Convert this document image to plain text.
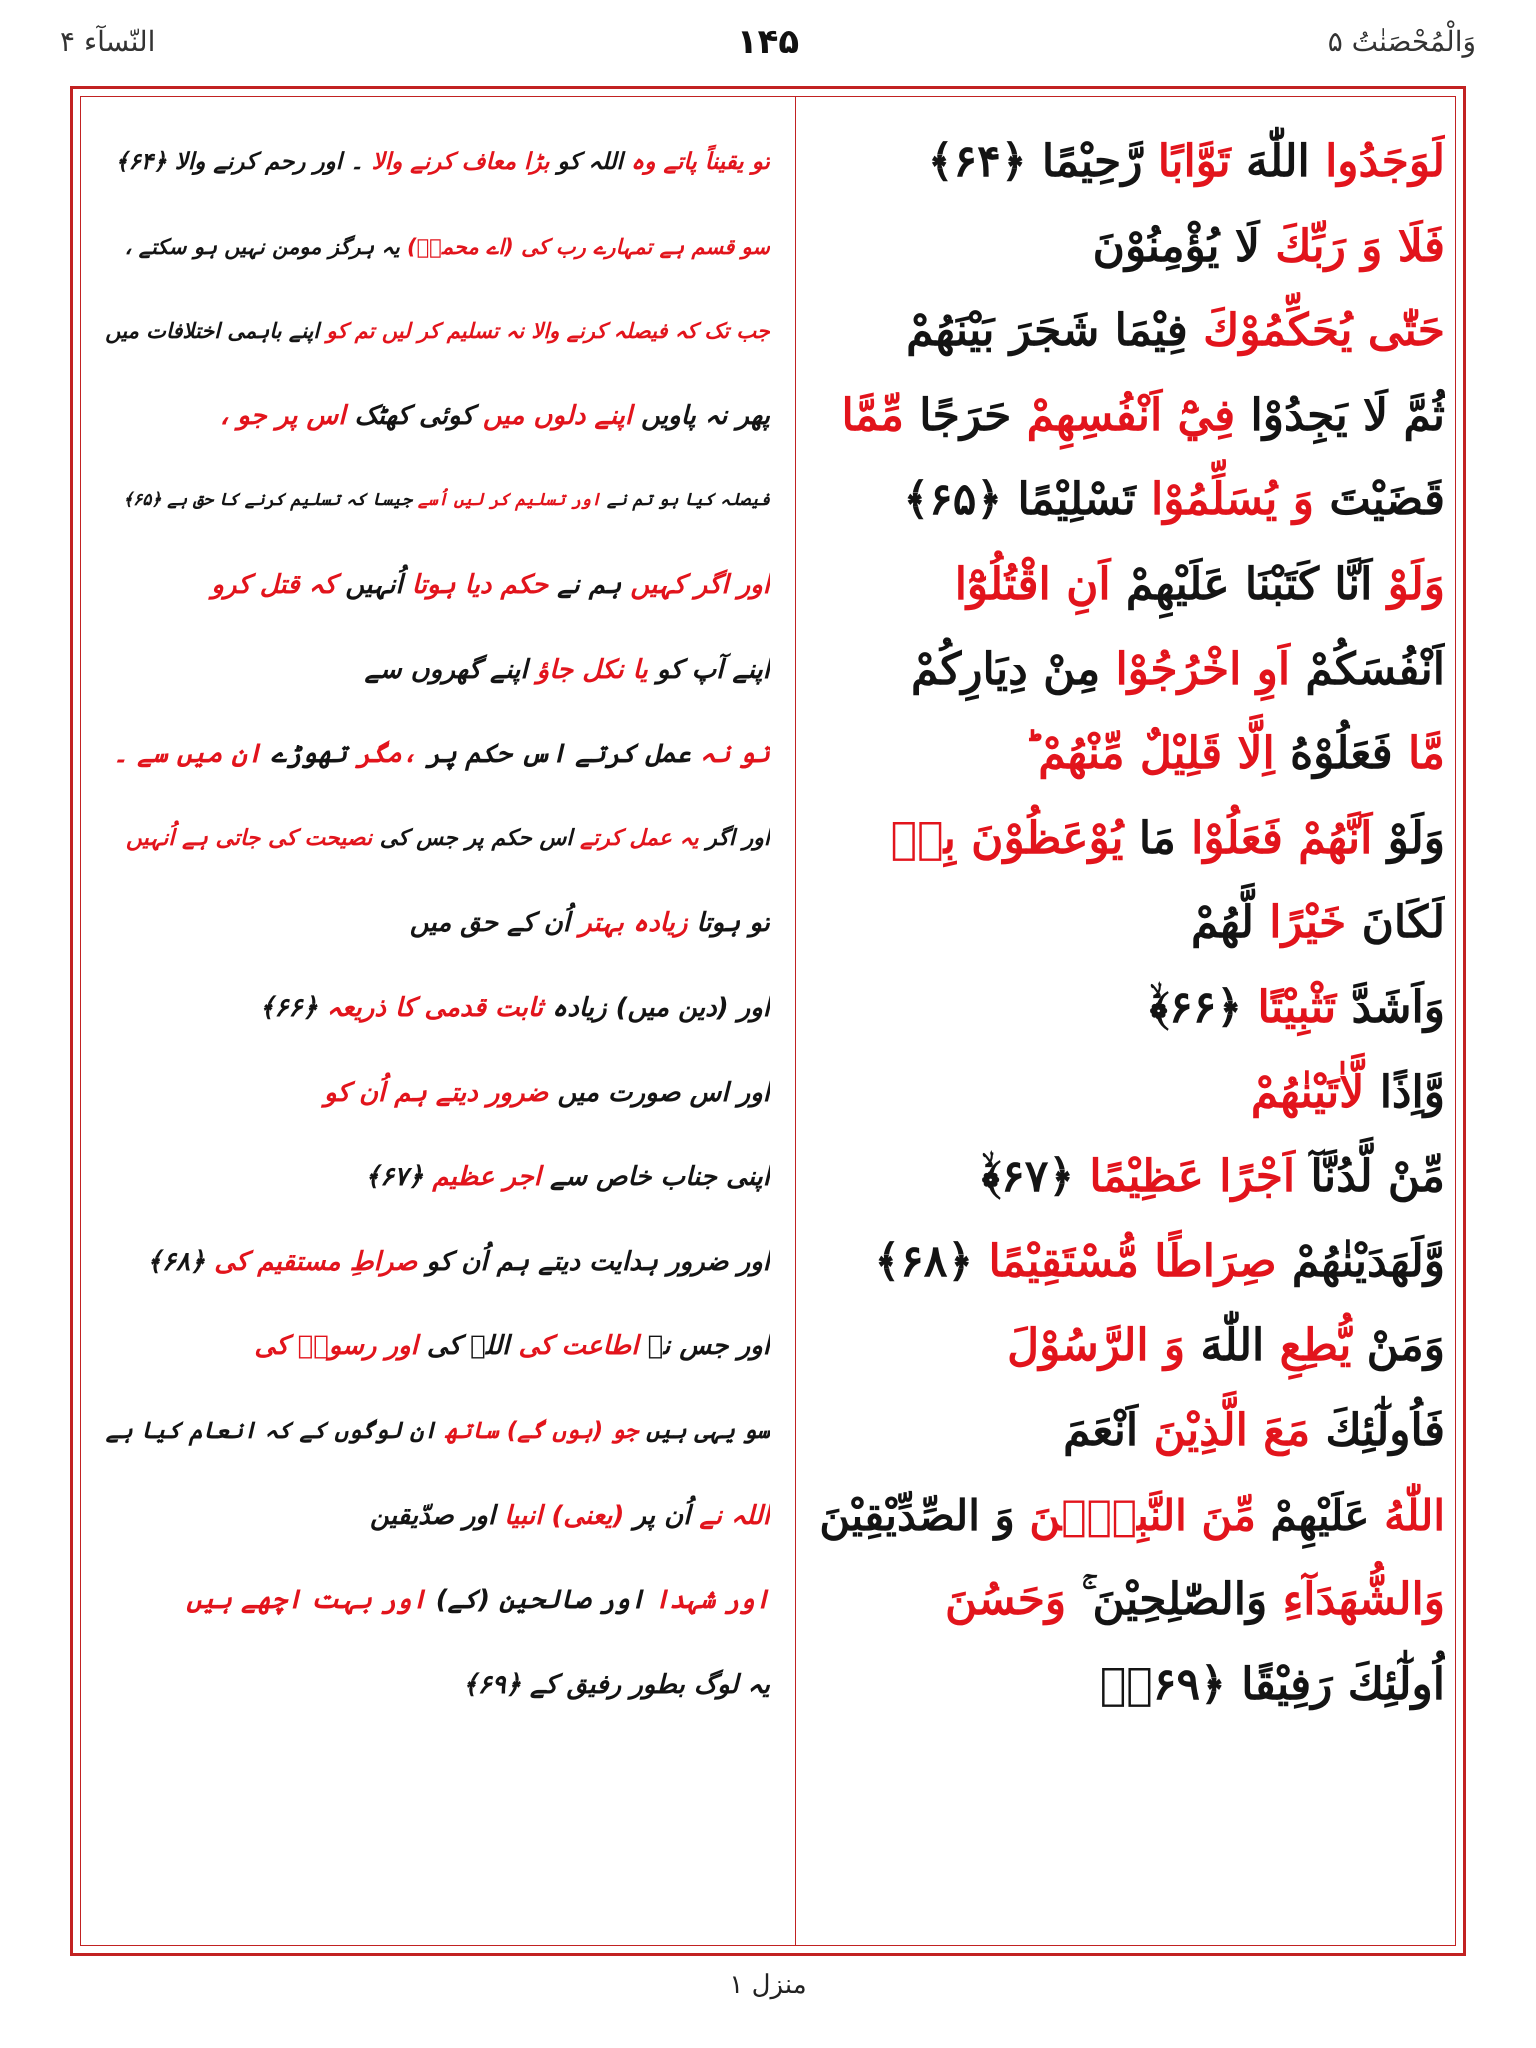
وَالْمُحْصَنٰتُ ۵
۱۴۵
النّسآء ۴
لَوَجَدُوا اللّٰهَ تَوَّابًا رَّحِيْمًا ﴿۶۴﴾
تو یقیناً پاتے وہ اللہ کو بڑا معاف کرنے والا ۔ اور رحم کرنے والا ﴿۶۴﴾
فَلَا وَ رَبِّكَ لَا يُؤْمِنُوْنَ
سو قسم ہے تمہارے رب کی (اے محمدؐ) یہ ہرگز مومن نہیں ہو سکتے ،
حَتّٰى يُحَكِّمُوْكَ فِيْمَا شَجَرَ بَيْنَهُمْ
جب تک کہ فیصلہ کرنے والا نہ تسلیم کر لیں تم کو اپنے باہمی اختلافات میں
ثُمَّ لَا يَجِدُوْا فِيْٓ اَنْفُسِهِمْ حَرَجًا مِّمَّا
پھر نہ پاویں اپنے دلوں میں کوئی کھٹک اس پر جو ،
قَضَيْتَ وَ يُسَلِّمُوْا تَسْلِيْمًا ﴿۶۵﴾
فیصلہ کیا ہو تم نے اور تسلیم کر لیں اُسے جیسا کہ تسلیم کرنے کا حق ہے ﴿۶۵﴾
وَلَوْ اَنَّا كَتَبْنَا عَلَيْهِمْ اَنِ اقْتُلُوْٓا
اور اگر کہیں ہم نے حکم دیا ہوتا اُنہیں کہ قتل کرو
اَنْفُسَكُمْ اَوِ اخْرُجُوْا مِنْ دِيَارِكُمْ
اپنے آپ کو یا نکل جاؤ اپنے گھروں سے
مَّا فَعَلُوْهُ اِلَّا قَلِيْلٌ مِّنْهُمْ
تو نہ عمل کرتے اس حکم پر ،مگر تھوڑے ان میں سے ۔
وَلَوْ اَنَّهُمْ فَعَلُوْا مَا يُوْعَظُوْنَ بِهٖ
اور اگر یہ عمل کرتے اس حکم پر جس کی نصیحت کی جاتی ہے اُنہیں
لَكَانَ خَيْرًا لَّهُمْ
تو ہوتا زیادہ بہتر اُن کے حق میں
وَاَشَدَّ تَثْبِيْتًا ﴿۶۶﴾ۙ
اور (دین میں) زیادہ ثابت قدمی کا ذریعہ ﴿۶۶﴾
وَّاِذًا لَّاٰتَيْنٰهُمْ
اور اس صورت میں ضرور دیتے ہم اُن کو
مِّنْ لَّدُنَّآ اَجْرًا عَظِيْمًا ﴿۶۷﴾ۙ
اپنی جناب خاص سے اجر عظیم ﴿۶۷﴾
وَّلَهَدَيْنٰهُمْ صِرَاطًا مُّسْتَقِيْمًا ﴿۶۸﴾
اور ضرور ہدایت دیتے ہم اُن کو صراطِ مستقیم کی ﴿۶۸﴾
وَمَنْ يُّطِعِ اللّٰهَ وَ الرَّسُوْلَ
اور جس نے اطاعت کی اللہ کی اور رسولؐ کی
فَاُولٰٓئِكَ مَعَ الَّذِيْنَ اَنْعَمَ
سو یہی ہیں جو (ہوں گے) ساتھ ان لوگوں کے کہ انعام کیا ہے
اللّٰهُ عَلَيْهِمْ مِّنَ النَّبِيّٖنَ وَ الصِّدِّيْقِيْنَ
اللہ نے اُن پر (یعنی) انبیا اور صدّیقین
وَالشُّهَدَآءِ وَالصّٰلِحِيْنَ ۚ وَحَسُنَ
اور شہدا اور صالحین (کے) اور بہت اچھے ہیں
اُولٰٓئِكَ رَفِيْقًا ﴿۶۹﴾ؕ
یہ لوگ بطور رفیق کے ﴿۶۹﴾
منزل ۱
